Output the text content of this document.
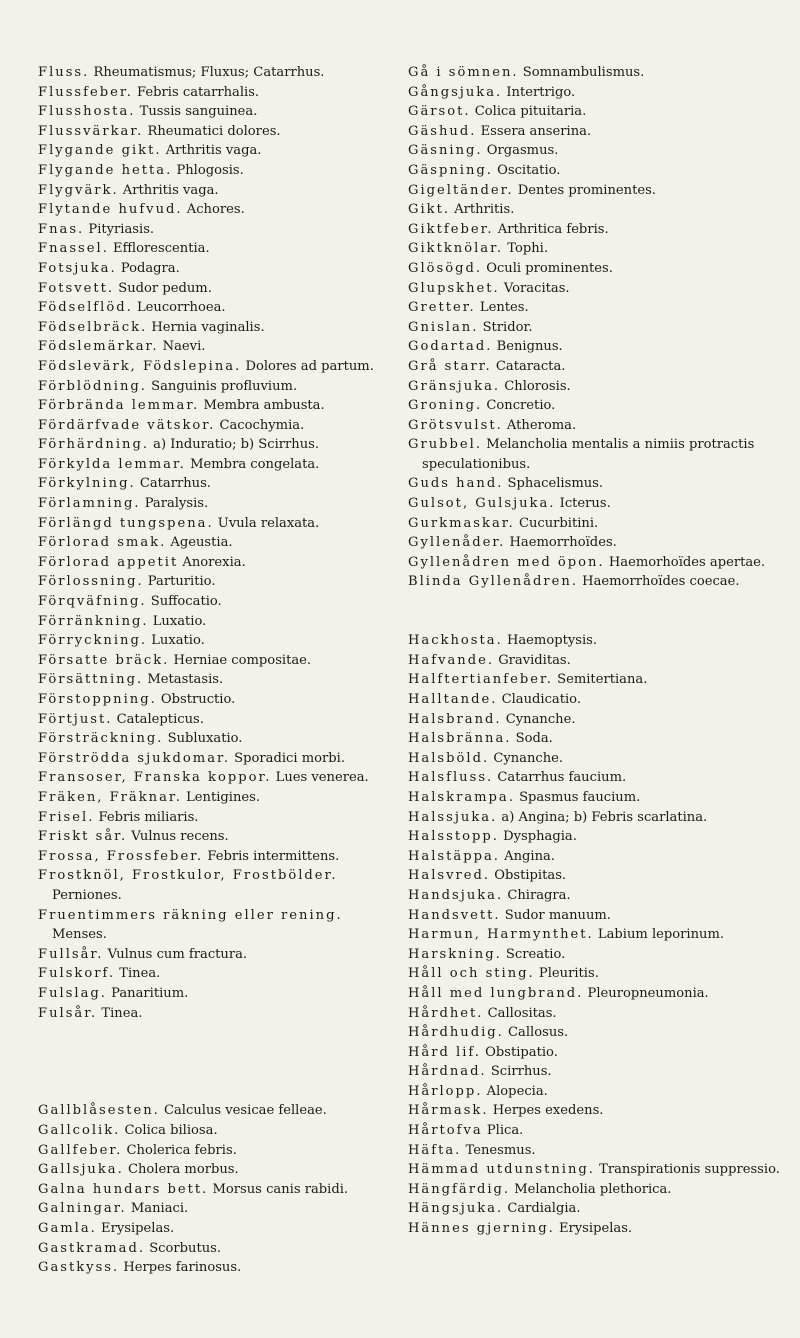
Fluss. Rheumatismus; Fluxus; Catarrhus.

Flussfeber. Febris catarrhalis.

Flusshosta. Tussis sanguinea.

Flussvärkar. Rheumatici dolores.

Flygande gikt. Arthritis vaga.

Flygande hetta. Phlogosis.

Flygvärk. Arthritis vaga.

Flytande hufvud. Achores.

Fnas. Pityriasis.

Fnassel. Efflorescentia.

Fotsjuka. Podagra.

Fotsvett. Sudor pedum.

Födselflöd. Leucorrhoea.

Födselbräck. Hernia vaginalis.

Födslemärkar. Naevi.

Födslevärk, Födslepina. Dolores ad partum.

Förblödning. Sanguinis profluvium.

Förbrända lemmar. Membra ambusta.

Fördärfvade vätskor. Cacochymia.

Förhärdning. a) Induratio; b) Scirrhus.

Förkylda lemmar. Membra congelata.

Förkylning. Catarrhus.

Förlamning. Paralysis.

Förlängd tungspena. Uvula relaxata.

Förlorad smak. Ageustia.

Förlorad appetit Anorexia.

Förlossning. Parturitio.

Förqväfning. Suffocatio.

Förränkning. Luxatio.

Förryckning. Luxatio.

Försatte bräck. Herniae compositae.

Försättning. Metastasis.

Förstoppning. Obstructio.

Förtjust. Catalepticus.

Försträckning. Subluxatio.

Förströdda sjukdomar. Sporadici morbi.

Fransoser, Franska koppor. Lues venerea.

Fräken, Fräknar. Lentigines.

Frisel. Febris miliaris.

Friskt sår. Vulnus recens.

Frossa, Frossfeber. Febris intermittens.

Frostknöl, Frostkulor, Frostbölder. Perniones.

Fruentimmers räkning eller rening. Menses.

Fullsår. Vulnus cum fractura.

Fulskorf. Tinea.

Fulslag. Panaritium.

Fulsår. Tinea.

Gallblåsesten. Calculus vesicae felleae.

Gallcolik. Colica biliosa.

Gallfeber. Cholerica febris.

Gallsjuka. Cholera morbus.

Galna hundars bett. Morsus canis rabidi.

Galningar. Maniaci.

Gamla. Erysipelas.

Gastkramad. Scorbutus.

Gastkyss. Herpes farinosus.

Gå i sömnen. Somnambulismus.

Gångsjuka. Intertrigo.

Gärsot. Colica pituitaria.

Gäshud. Essera anserina.

Gäsning. Orgasmus.

Gäspning. Oscitatio.

Gigeltänder. Dentes prominentes.

Gikt. Arthritis.

Giktfeber. Arthritica febris.

Giktknölar. Tophi.

Glösögd. Oculi prominentes.

Glupskhet. Voracitas.

Gretter. Lentes.

Gnislan. Stridor.

Godartad. Benignus.

Grå starr. Cataracta.

Gränsjuka. Chlorosis.

Groning. Concretio.

Grötsvulst. Atheroma.

Grubbel. Melancholia mentalis a nimiis protractis speculationibus.

Guds hand. Sphacelismus.

Gulsot, Gulsjuka. Icterus.

Gurkmaskar. Cucurbitini.

Gyllenåder. Haemorrhoïdes.

Gyllenådren med öpon. Haemorhoïdes apertae.

Blinda Gyllenådren. Haemorrhoïdes coecae.

Hackhosta. Haemoptysis.

Hafvande. Graviditas.

Halftertianfeber. Semitertiana.

Halltande. Claudicatio.

Halsbrand. Cynanche.

Halsbränna. Soda.

Halsböld. Cynanche.

Halsfluss. Catarrhus faucium.

Halskrampa. Spasmus faucium.

Halssjuka. a) Angina; b) Febris scarlatina.

Halsstopp. Dysphagia.

Halstäppa. Angina.

Halsvred. Obstipitas.

Handsjuka. Chiragra.

Handsvett. Sudor manuum.

Harmun, Harmynthet. Labium leporinum.

Harskning. Screatio.

Håll och sting. Pleuritis.

Håll med lungbrand. Pleuropneumonia.

Hårdhet. Callositas.

Hårdhudig. Callosus.

Hård lif. Obstipatio.

Hårdnad. Scirrhus.

Hårlopp. Alopecia.

Hårmask. Herpes exedens.

Hårtofva Plica.

Häfta. Tenesmus.

Hämmad utdunstning. Transpirationis suppressio.

Hängfärdig. Melancholia plethorica.

Hängsjuka. Cardialgia.

Hännes gjerning. Erysipelas.
